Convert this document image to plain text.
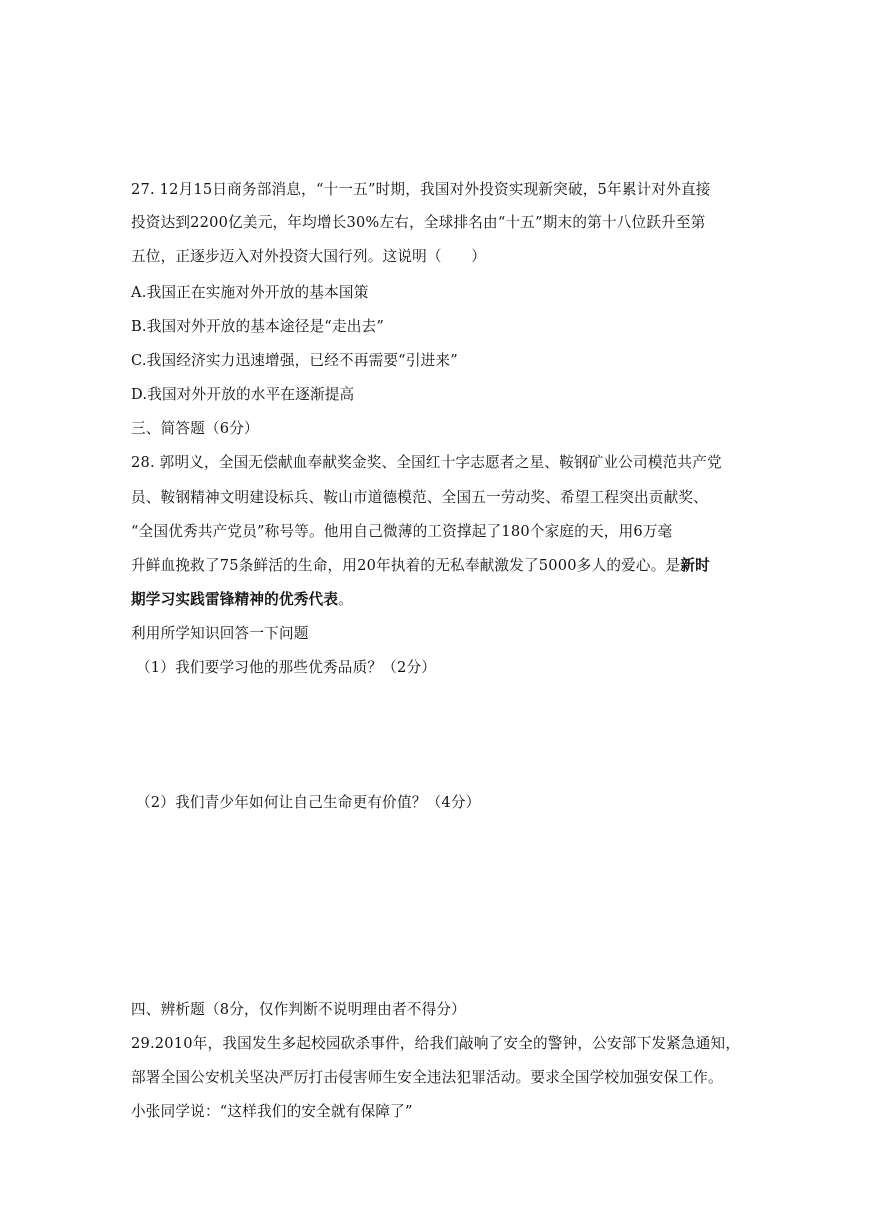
27. 12月15日商务部消息，“十一五”时期，我国对外投资实现新突破，5年累计对外直接
投资达到2200亿美元，年均增长30%左右，全球排名由“十五”期末的第十八位跃升至第
五位，正逐步迈入对外投资大国行列。这说明（　　）
A.我国正在实施对外开放的基本国策
B.我国对外开放的基本途径是“走出去”
C.我国经济实力迅速增强，已经不再需要“引进来”
D.我国对外开放的水平在逐渐提高
三、简答题（6分）
28. 郭明义，全国无偿献血奉献奖金奖、全国红十字志愿者之星、鞍钢矿业公司模范共产党
员、鞍钢精神文明建设标兵、鞍山市道德模范、全国五一劳动奖、希望工程突出贡献奖、
“全国优秀共产党员”称号等。他用自己微薄的工资撑起了180个家庭的天，用6万毫
升鲜血挽救了75条鲜活的生命，用20年执着的无私奉献激发了5000多人的爱心。是新时
期学习实践雷锋精神的优秀代表。
利用所学知识回答一下问题
（1）我们要学习他的那些优秀品质？（2分）
（2）我们青少年如何让自己生命更有价值？（4分）
四、辨析题（8分，仅作判断不说明理由者不得分）
29.2010年，我国发生多起校园砍杀事件，给我们敲响了安全的警钟，公安部下发紧急通知，
部署全国公安机关坚决严厉打击侵害师生安全违法犯罪活动。要求全国学校加强安保工作。
小张同学说：“这样我们的安全就有保障了”
